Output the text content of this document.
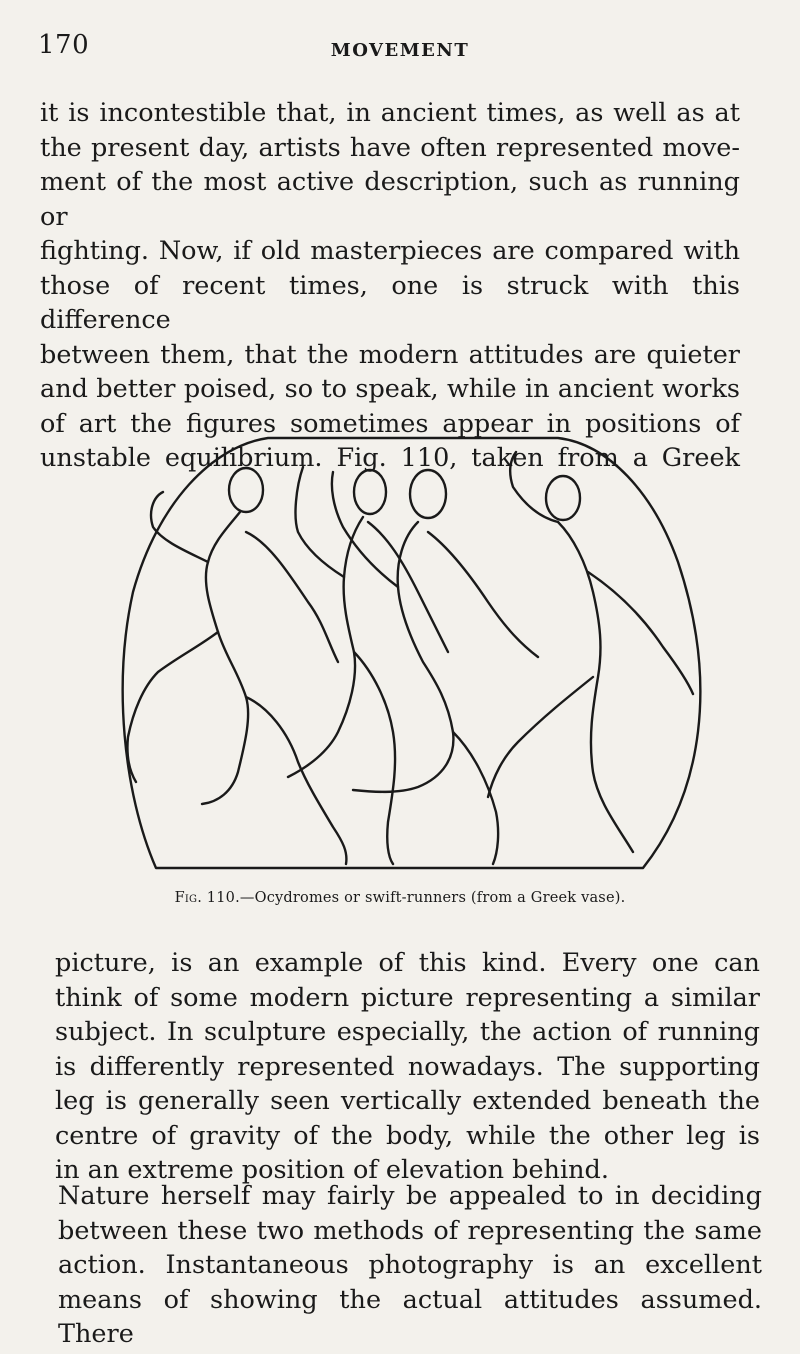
170	MOVEMENT
it is incontestible that, in ancient times, as well as at
the present day, artists have often represented move-
ment of the most active description, such as running or
fighting. Now, if old masterpieces are compared with
those of recent times, one is struck with this difference
between them, that the modern attitudes are quieter
and better poised, so to speak, while in ancient works
of art the figures sometimes appear in positions of
unstable equilibrium. Fig. 110, taken from a Greek
Fig. 110.—Ocydromes or swift-runners (from a Greek vase).
picture, is an example of this kind. Every one can
think of some modern picture representing a similar
subject. In sculpture especially, the action of running
is differently represented nowadays. The supporting
leg is generally seen vertically extended beneath the
centre of gravity of the body, while the other leg is
in an extreme position of elevation behind.
Nature herself may fairly be appealed to in deciding
between these two methods of representing the same
action. Instantaneous photography is an excellent
means of showing the actual attitudes assumed. There
